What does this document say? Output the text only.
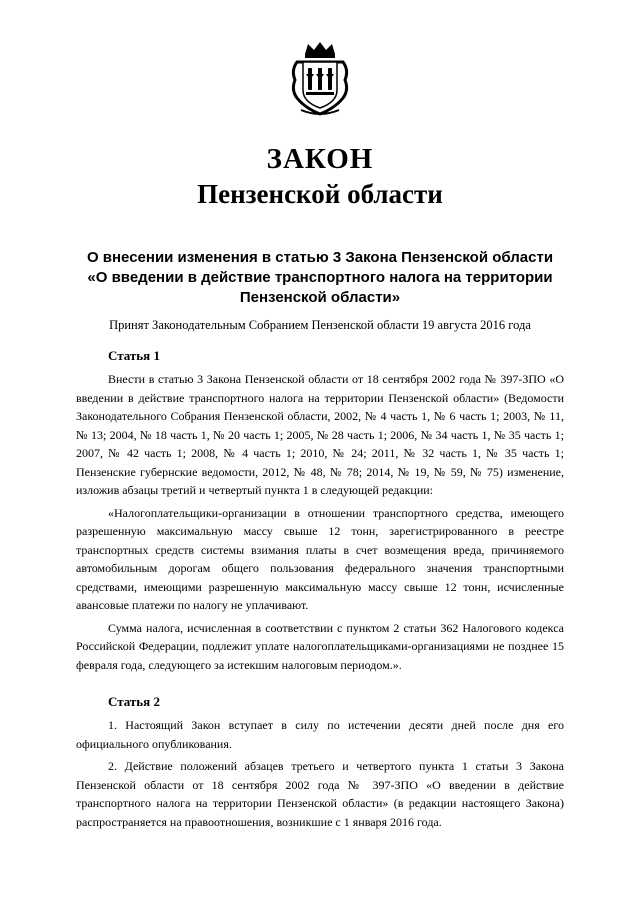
ЗАКОН
Пензенской области
О внесении изменения в статью 3 Закона Пензенской области
«О введении в действие транспортного налога на территории
Пензенской области»
Принят Законодательным Собранием Пензенской области 19 августа 2016 года
Статья 1

Внести в статью 3 Закона Пензенской области от 18 сентября 2002 года № 397-ЗПО «О введении в действие транспортного налога на территории Пензенской области» (Ведомости Законодательного Собрания Пензенской области, 2002, № 4 часть 1, № 6 часть 1; 2003, № 11, № 13; 2004, № 18 часть 1, № 20 часть 1; 2005, № 28 часть 1; 2006, № 34 часть 1, № 35 часть 1; 2007, № 42 часть 1; 2008, № 4 часть 1; 2010, № 24; 2011, № 32 часть 1, № 35 часть 1; Пензенские губернские ведомости, 2012, № 48, № 78; 2014, № 19, № 59, № 75) изменение, изложив абзацы третий и четвертый пункта 1 в следующей редакции:

«Налогоплательщики-организации в отношении транспортного средства, имеющего разрешенную максимальную массу свыше 12 тонн, зарегистрированного в реестре транспортных средств системы взимания платы в счет возмещения вреда, причиняемого автомобильным дорогам общего пользования федерального значения транспортными средствами, имеющими разрешенную максимальную массу свыше 12 тонн, исчисленные авансовые платежи по налогу не уплачивают.

Сумма налога, исчисленная в соответствии с пунктом 2 статьи 362 Налогового кодекса Российской Федерации, подлежит уплате налогоплательщиками-организациями не позднее 15 февраля года, следующего за истекшим налоговым периодом.».

Статья 2

1. Настоящий Закон вступает в силу по истечении десяти дней после дня его официального опубликования.

2. Действие положений абзацев третьего и четвертого пункта 1 статьи 3 Закона Пензенской области от 18 сентября 2002 года № 397-ЗПО «О введении в действие транспортного налога на территории Пензенской области» (в редакции настоящего Закона) распространяется на правоотношения, возникшие с 1 января 2016 года.
